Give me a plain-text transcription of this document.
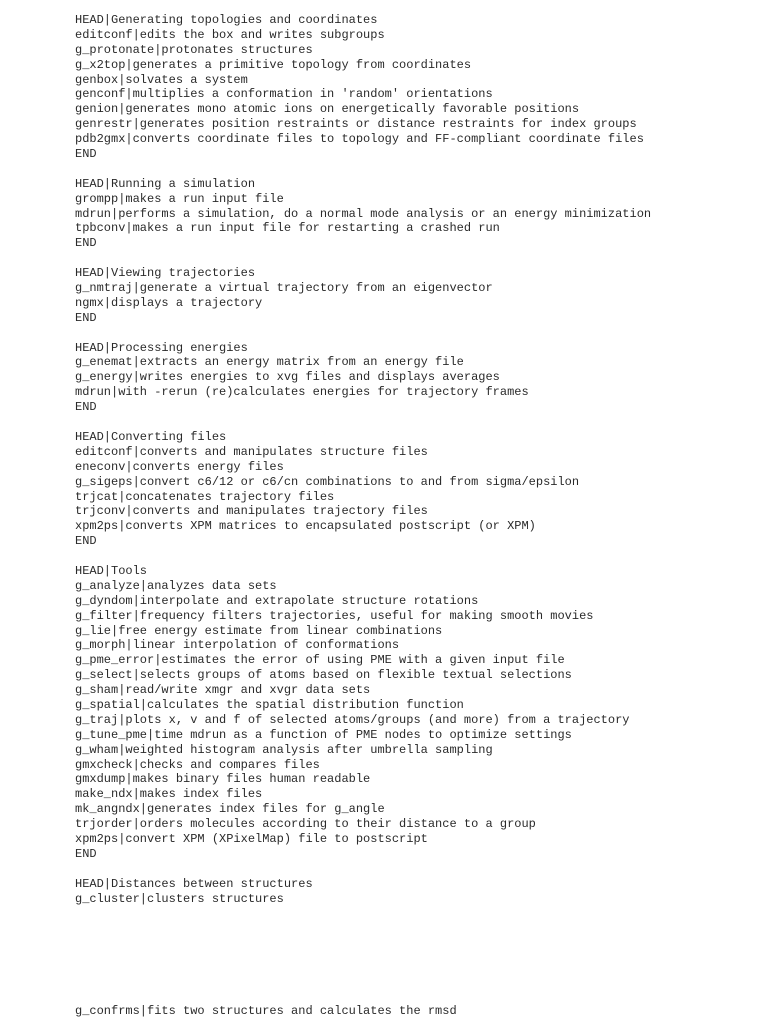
HEAD|Generating topologies and coordinates
editconf|edits the box and writes subgroups
g_protonate|protonates structures
g_x2top|generates a primitive topology from coordinates
genbox|solvates a system
genconf|multiplies a conformation in 'random' orientations
genion|generates mono atomic ions on energetically favorable positions
genrestr|generates position restraints or distance restraints for index groups
pdb2gmx|converts coordinate files to topology and FF-compliant coordinate files
END
HEAD|Running a simulation
grompp|makes a run input file
mdrun|performs a simulation, do a normal mode analysis or an energy minimization
tpbconv|makes a run input file for restarting a crashed run
END
HEAD|Viewing trajectories
g_nmtraj|generate a virtual trajectory from an eigenvector
ngmx|displays a trajectory
END
HEAD|Processing energies
g_enemat|extracts an energy matrix from an energy file
g_energy|writes energies to xvg files and displays averages
mdrun|with -rerun (re)calculates energies for trajectory frames
END
HEAD|Converting files
editconf|converts and manipulates structure files
eneconv|converts energy files
g_sigeps|convert c6/12 or c6/cn combinations to and from sigma/epsilon
trjcat|concatenates trajectory files
trjconv|converts and manipulates trajectory files
xpm2ps|converts XPM matrices to encapsulated postscript (or XPM)
END
HEAD|Tools
g_analyze|analyzes data sets
g_dyndom|interpolate and extrapolate structure rotations
g_filter|frequency filters trajectories, useful for making smooth movies
g_lie|free energy estimate from linear combinations
g_morph|linear interpolation of conformations
g_pme_error|estimates the error of using PME with a given input file
g_select|selects groups of atoms based on flexible textual selections
g_sham|read/write xmgr and xvgr data sets
g_spatial|calculates the spatial distribution function
g_traj|plots x, v and f of selected atoms/groups (and more) from a trajectory
g_tune_pme|time mdrun as a function of PME nodes to optimize settings
g_wham|weighted histogram analysis after umbrella sampling
gmxcheck|checks and compares files
gmxdump|makes binary files human readable
make_ndx|makes index files
mk_angndx|generates index files for g_angle
trjorder|orders molecules according to their distance to a group
xpm2ps|convert XPM (XPixelMap) file to postscript
END
HEAD|Distances between structures
g_cluster|clusters structures
g_confrms|fits two structures and calculates the rmsd
